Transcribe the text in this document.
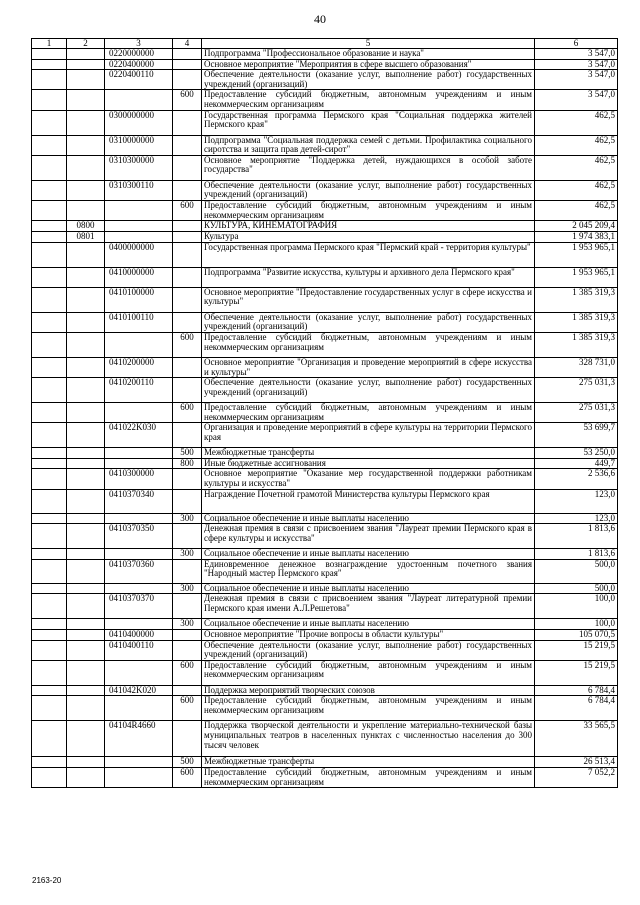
40
1	2	3	4	5	6
		0220000000		Подпрограмма "Профессиональное образование и наука"	3 547,0
		0220400000		Основное мероприятие "Мероприятия в сфере высшего образования"	3 547,0
		0220400110		Обеспечение деятельности (оказание услуг, выполнение работ) государственных учреждений (организаций)	3 547,0
			600	Предоставление субсидий бюджетным, автономным учреждениям и иным некоммерческим организациям	3 547,0
		0300000000		Государственная программа Пермского края "Социальная поддержка жителей Пермского края"	462,5
		0310000000		Подпрограмма "Социальная поддержка семей с детьми. Профилактика социального сиротства и защита прав детей-сирот"	462,5
		0310300000		Основное мероприятие "Поддержка детей, нуждающихся в особой заботе государства"	462,5
		0310300110		Обеспечение деятельности (оказание услуг, выполнение работ) государственных учреждений (организаций)	462,5
			600	Предоставление субсидий бюджетным, автономным учреждениям и иным некоммерческим организациям	462,5
	0800			КУЛЬТУРА, КИНЕМАТОГРАФИЯ	2 045 209,4
	0801			Культура	1 974 383,1
		0400000000		Государственная программа Пермского края "Пермский край - территория культуры"	1 953 965,1
		0410000000		Подпрограмма "Развитие искусства, культуры и архивного дела Пермского края"	1 953 965,1
		0410100000		Основное мероприятие "Предоставление государственных услуг в сфере искусства и культуры"	1 385 319,3
		0410100110		Обеспечение деятельности (оказание услуг, выполнение работ) государственных учреждений (организаций)	1 385 319,3
			600	Предоставление субсидий бюджетным, автономным учреждениям и иным некоммерческим организациям	1 385 319,3
		0410200000		Основное мероприятие "Организация и проведение мероприятий в сфере искусства и культуры"	328 731,0
		0410200110		Обеспечение деятельности (оказание услуг, выполнение работ) государственных учреждений (организаций)	275 031,3
			600	Предоставление субсидий бюджетным, автономным учреждениям и иным некоммерческим организациям	275 031,3
		041022K030		Организация и проведение мероприятий в сфере культуры на территории Пермского края	53 699,7
			500	Межбюджетные трансферты	53 250,0
			800	Иные бюджетные ассигнования	449,7
		0410300000		Основное мероприятие "Оказание мер государственной поддержки работникам культуры и искусства"	2 536,6
		0410370340		Награждение Почетной грамотой Министерства культуры Пермского края	123,0
			300	Социальное обеспечение и иные выплаты населению	123,0
		0410370350		Денежная премия в связи с присвоением звания "Лауреат премии Пермского края в сфере культуры и искусства"	1 813,6
			300	Социальное обеспечение и иные выплаты населению	1 813,6
		0410370360		Единовременное денежное вознаграждение удостоенным почетного звания "Народный мастер Пермского края"	500,0
			300	Социальное обеспечение и иные выплаты населению	500,0
		0410370370		Денежная премия в связи с присвоением звания "Лауреат литературной премии Пермского края имени А.Л.Решетова"	100,0
			300	Социальное обеспечение и иные выплаты населению	100,0
		0410400000		Основное мероприятие "Прочие вопросы в области культуры"	105 070,5
		0410400110		Обеспечение деятельности (оказание услуг, выполнение работ) государственных учреждений (организаций)	15 219,5
			600	Предоставление субсидий бюджетным, автономным учреждениям и иным некоммерческим организациям	15 219,5
		041042K020		Поддержка мероприятий творческих союзов	6 784,4
			600	Предоставление субсидий бюджетным, автономным учреждениям и иным некоммерческим организациям	6 784,4
		04104R4660		Поддержка творческой деятельности и укрепление материально-технической базы муниципальных театров в населенных пунктах с численностью населения до 300 тысяч человек	33 565,5
			500	Межбюджетные трансферты	26 513,4
			600	Предоставление субсидий бюджетным, автономным учреждениям и иным некоммерческим организациям	7 052,2
2163-20
